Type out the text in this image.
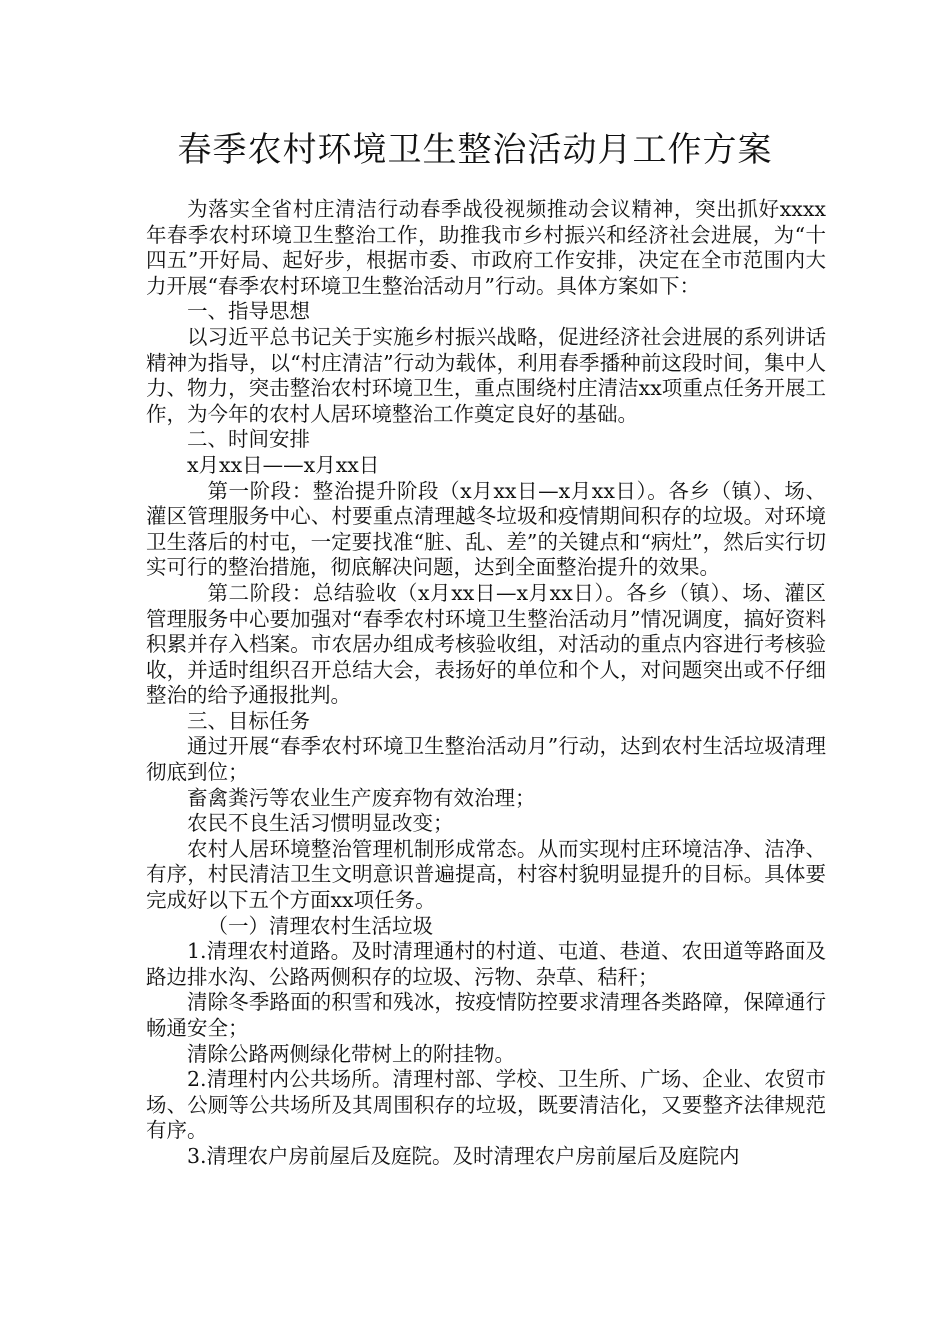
春季农村环境卫生整治活动月工作方案

为落实全省村庄清洁行动春季战役视频推动会议精神，突出抓好xxxx年春季农村环境卫生整治工作，助推我市乡村振兴和经济社会进展，为“十四五”开好局、起好步，根据市委、市政府工作安排，决定在全市范围内大力开展“春季农村环境卫生整治活动月”行动。具体方案如下：

一、指导思想

以习近平总书记关于实施乡村振兴战略，促进经济社会进展的系列讲话精神为指导，以“村庄清洁”行动为载体，利用春季播种前这段时间，集中人力、物力，突击整治农村环境卫生，重点围绕村庄清洁xx项重点任务开展工作，为今年的农村人居环境整治工作奠定良好的基础。

二、时间安排

x月xx日——x月xx日

第一阶段：整治提升阶段（x月xx日—x月xx日）。各乡（镇）、场、灌区管理服务中心、村要重点清理越冬垃圾和疫情期间积存的垃圾。对环境卫生落后的村屯，一定要找准“脏、乱、差”的关键点和“病灶”，然后实行切实可行的整治措施，彻底解决问题，达到全面整治提升的效果。

第二阶段：总结验收（x月xx日—x月xx日）。各乡（镇）、场、灌区管理服务中心要加强对“春季农村环境卫生整治活动月”情况调度，搞好资料积累并存入档案。市农居办组成考核验收组，对活动的重点内容进行考核验收，并适时组织召开总结大会，表扬好的单位和个人，对问题突出或不仔细整治的给予通报批判。

三、目标任务

通过开展“春季农村环境卫生整治活动月”行动，达到农村生活垃圾清理彻底到位；

畜禽粪污等农业生产废弃物有效治理；

农民不良生活习惯明显改变；

农村人居环境整治管理机制形成常态。从而实现村庄环境洁净、洁净、有序，村民清洁卫生文明意识普遍提高，村容村貌明显提升的目标。具体要完成好以下五个方面xx项任务。

（一）清理农村生活垃圾

1.清理农村道路。及时清理通村的村道、屯道、巷道、农田道等路面及路边排水沟、公路两侧积存的垃圾、污物、杂草、秸秆；

清除冬季路面的积雪和残冰，按疫情防控要求清理各类路障，保障通行畅通安全；

清除公路两侧绿化带树上的附挂物。

2.清理村内公共场所。清理村部、学校、卫生所、广场、企业、农贸市场、公厕等公共场所及其周围积存的垃圾，既要清洁化，又要整齐法律规范有序。

3.清理农户房前屋后及庭院。及时清理农户房前屋后及庭院内
